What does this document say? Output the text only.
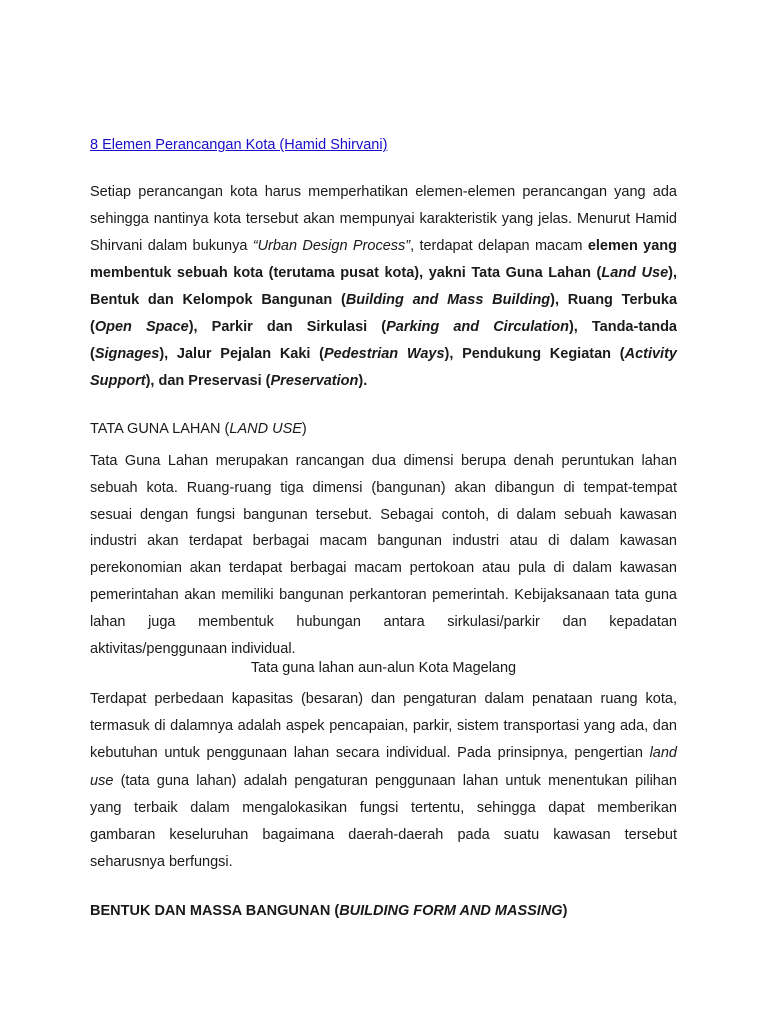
8 Elemen Perancangan Kota (Hamid Shirvani)

Setiap perancangan kota harus memperhatikan elemen-elemen perancangan yang ada sehingga nantinya kota tersebut akan mempunyai karakteristik yang jelas. Menurut Hamid Shirvani dalam bukunya “Urban Design Process”, terdapat delapan macam elemen yang membentuk sebuah kota (terutama pusat kota), yakni Tata Guna Lahan (Land Use), Bentuk dan Kelompok Bangunan (Building and Mass Building), Ruang Terbuka (Open Space), Parkir dan Sirkulasi (Parking and Circulation), Tanda-tanda (Signages), Jalur Pejalan Kaki (Pedestrian Ways), Pendukung Kegiatan (Activity Support), dan Preservasi (Preservation).

TATA GUNA LAHAN (LAND USE)

Tata Guna Lahan merupakan rancangan dua dimensi berupa denah peruntukan lahan sebuah kota. Ruang-ruang tiga dimensi (bangunan) akan dibangun di tempat-tempat sesuai dengan fungsi bangunan tersebut. Sebagai contoh, di dalam sebuah kawasan industri akan terdapat berbagai macam bangunan industri atau di dalam kawasan perekonomian akan terdapat berbagai macam pertokoan atau pula di dalam kawasan pemerintahan akan memiliki bangunan perkantoran pemerintah. Kebijaksanaan tata guna lahan juga membentuk hubungan antara sirkulasi/parkir dan kepadatan aktivitas/penggunaan individual.

Tata guna lahan aun-alun Kota Magelang

Terdapat perbedaan kapasitas (besaran) dan pengaturan dalam penataan ruang kota, termasuk di dalamnya adalah aspek pencapaian, parkir, sistem transportasi yang ada, dan kebutuhan untuk penggunaan lahan secara individual. Pada prinsipnya, pengertian land use (tata guna lahan) adalah pengaturan penggunaan lahan untuk menentukan pilihan yang terbaik dalam mengalokasikan fungsi tertentu, sehingga dapat memberikan gambaran keseluruhan bagaimana daerah-daerah pada suatu kawasan tersebut seharusnya berfungsi.

BENTUK DAN MASSA BANGUNAN (BUILDING FORM AND MASSING)
